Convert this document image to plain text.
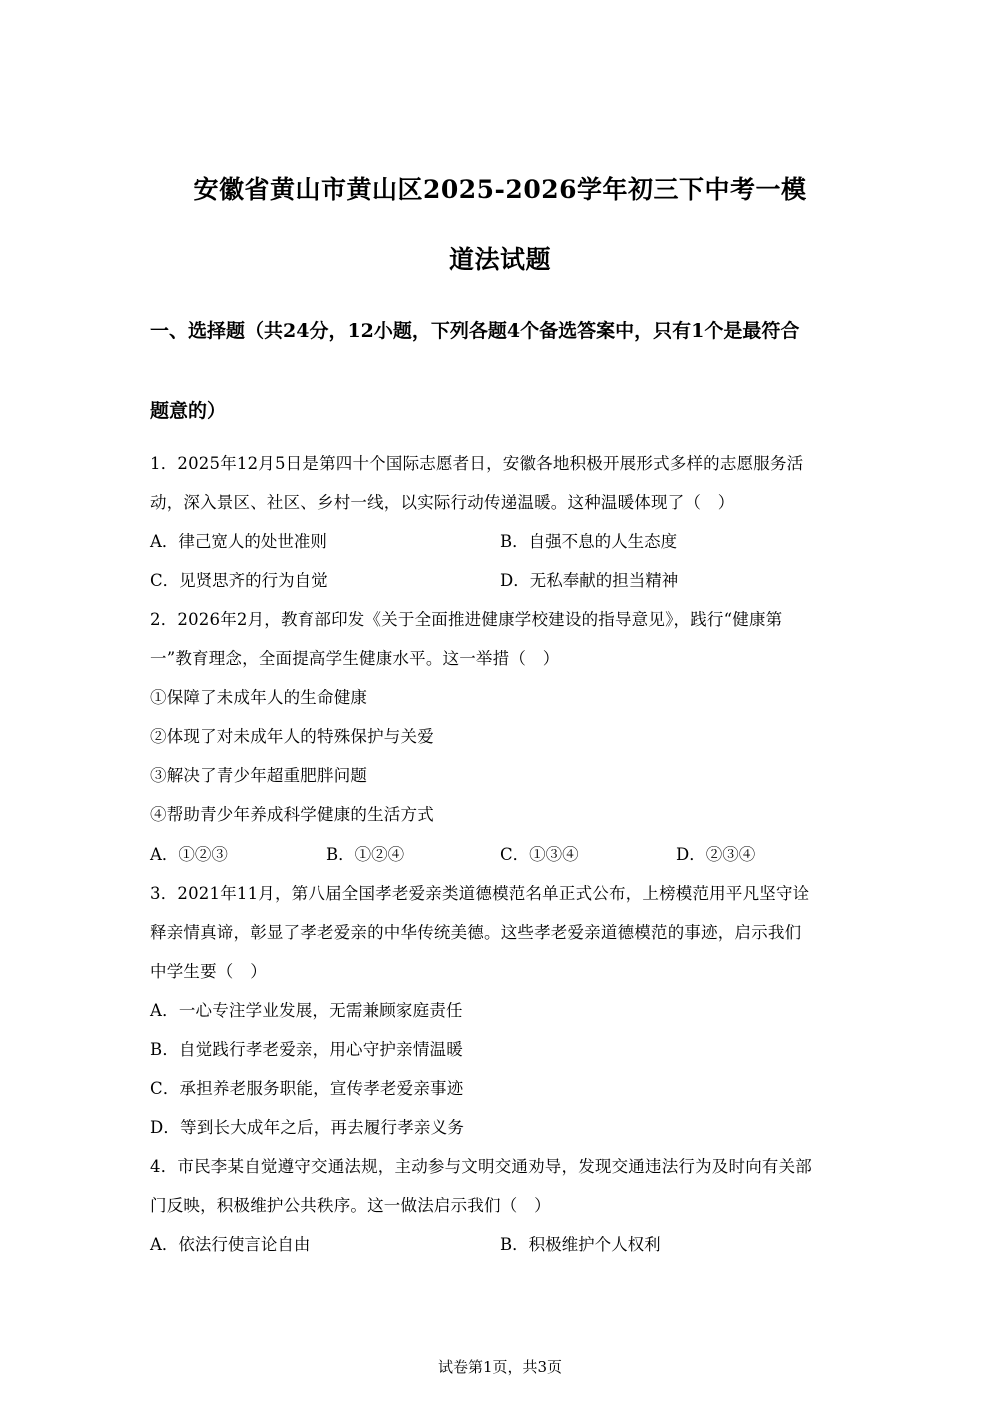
安徽省黄山市黄山区2025-2026学年初三下中考一模
道法试题
一、选择题（共24分，12小题，下列各题4个备选答案中，只有1个是最符合
题意的）
1．2025年12月5日是第四十个国际志愿者日，安徽各地积极开展形式多样的志愿服务活
动，深入景区、社区、乡村一线，以实际行动传递温暖。这种温暖体现了（　）
A．律己宽人的处世准则	B．自强不息的人生态度
C．见贤思齐的行为自觉	D．无私奉献的担当精神
2．2026年2月，教育部印发《关于全面推进健康学校建设的指导意见》，践行“健康第
一”教育理念，全面提高学生健康水平。这一举措（　）
①保障了未成年人的生命健康
②体现了对未成年人的特殊保护与关爱
③解决了青少年超重肥胖问题
④帮助青少年养成科学健康的生活方式
A．①②③	B．①②④	C．①③④	D．②③④
3．2021年11月，第八届全国孝老爱亲类道德模范名单正式公布，上榜模范用平凡坚守诠
释亲情真谛，彰显了孝老爱亲的中华传统美德。这些孝老爱亲道德模范的事迹，启示我们
中学生要（　）
A．一心专注学业发展，无需兼顾家庭责任
B．自觉践行孝老爱亲，用心守护亲情温暖
C．承担养老服务职能，宣传孝老爱亲事迹
D．等到长大成年之后，再去履行孝亲义务
4．市民李某自觉遵守交通法规，主动参与文明交通劝导，发现交通违法行为及时向有关部
门反映，积极维护公共秩序。这一做法启示我们（　）
A．依法行使言论自由	B．积极维护个人权利
试卷第1页，共3页
